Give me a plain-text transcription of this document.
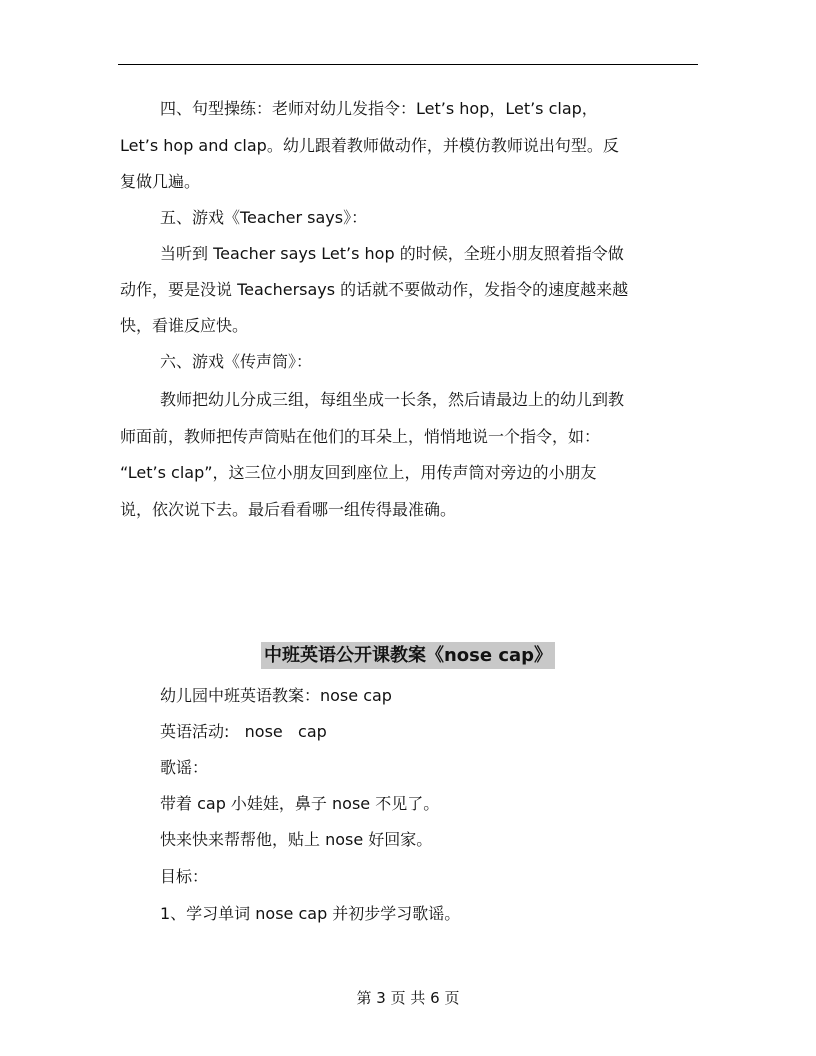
四、句型操练：老师对幼儿发指令：Let’s hop，Let’s clap，
Let’s hop and clap。幼儿跟着教师做动作，并模仿教师说出句型。反
复做几遍。
五、游戏《Teacher says》：
当听到 Teacher says Let’s hop 的时候，全班小朋友照着指令做
动作，要是没说 Teachersays 的话就不要做动作，发指令的速度越来越
快，看谁反应快。
六、游戏《传声筒》：
教师把幼儿分成三组，每组坐成一长条，然后请最边上的幼儿到教
师面前，教师把传声筒贴在他们的耳朵上，悄悄地说一个指令，如：
“Let’s clap”，这三位小朋友回到座位上，用传声筒对旁边的小朋友
说，依次说下去。最后看看哪一组传得最准确。
中班英语公开课教案《nose cap》
幼儿园中班英语教案：nose cap
英语活动:   nose   cap
歌谣：
带着 cap 小娃娃，鼻子 nose 不见了。
快来快来帮帮他，贴上 nose 好回家。
目标：
1、学习单词 nose cap 并初步学习歌谣。
第 3 页 共 6 页
